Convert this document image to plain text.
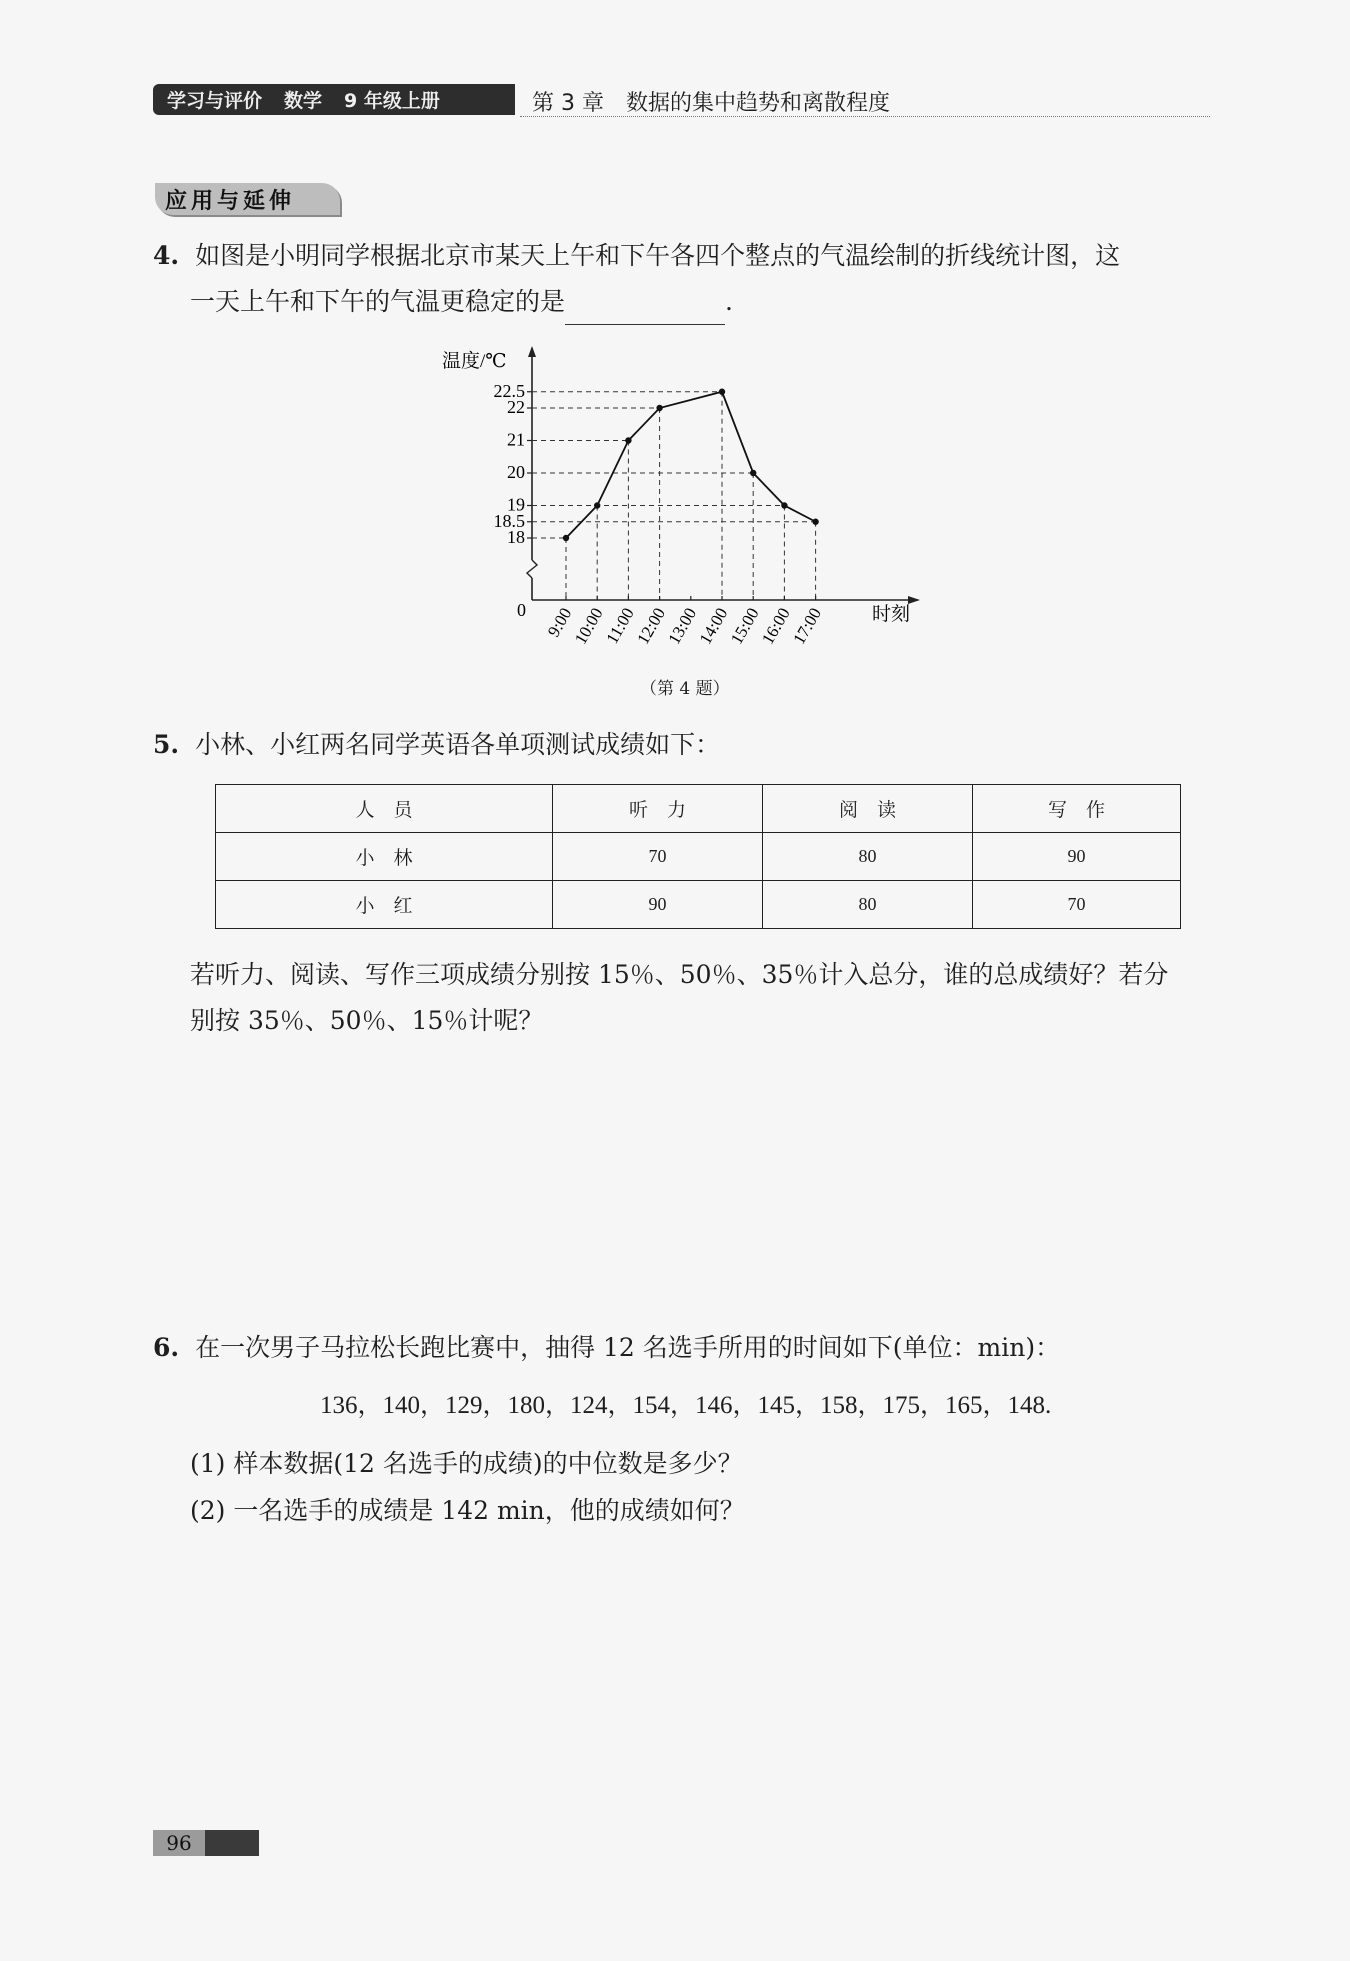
学习与评价 数学 9 年级上册	第 3 章　数据的集中趋势和离散程度
应用与延伸
4. 如图是小明同学根据北京市某天上午和下午各四个整点的气温绘制的折线统计图，这
一天上午和下午的气温更稳定的是	.
22.5
22
21
20
19
18.5
18
9:00
10:00
11:00
12:00
13:00
14:00
15:00
16:00
17:00
温度/℃
时刻
0
（第 4 题）
5. 小林、小红两名同学英语各单项测试成绩如下：
人　员	听　力	阅　读	写　作
小　林	70	80	90
小　红	90	80	70
若听力、阅读、写作三项成绩分别按 15％、50％、35％计入总分，谁的总成绩好？若分
别按 35％、50％、15％计呢？
6. 在一次男子马拉松长跑比赛中，抽得 12 名选手所用的时间如下(单位：min)：
136，140，129，180，124，154，146，145，158，175，165，148.
(1) 样本数据(12 名选手的成绩)的中位数是多少？
(2) 一名选手的成绩是 142 min，他的成绩如何？
96
